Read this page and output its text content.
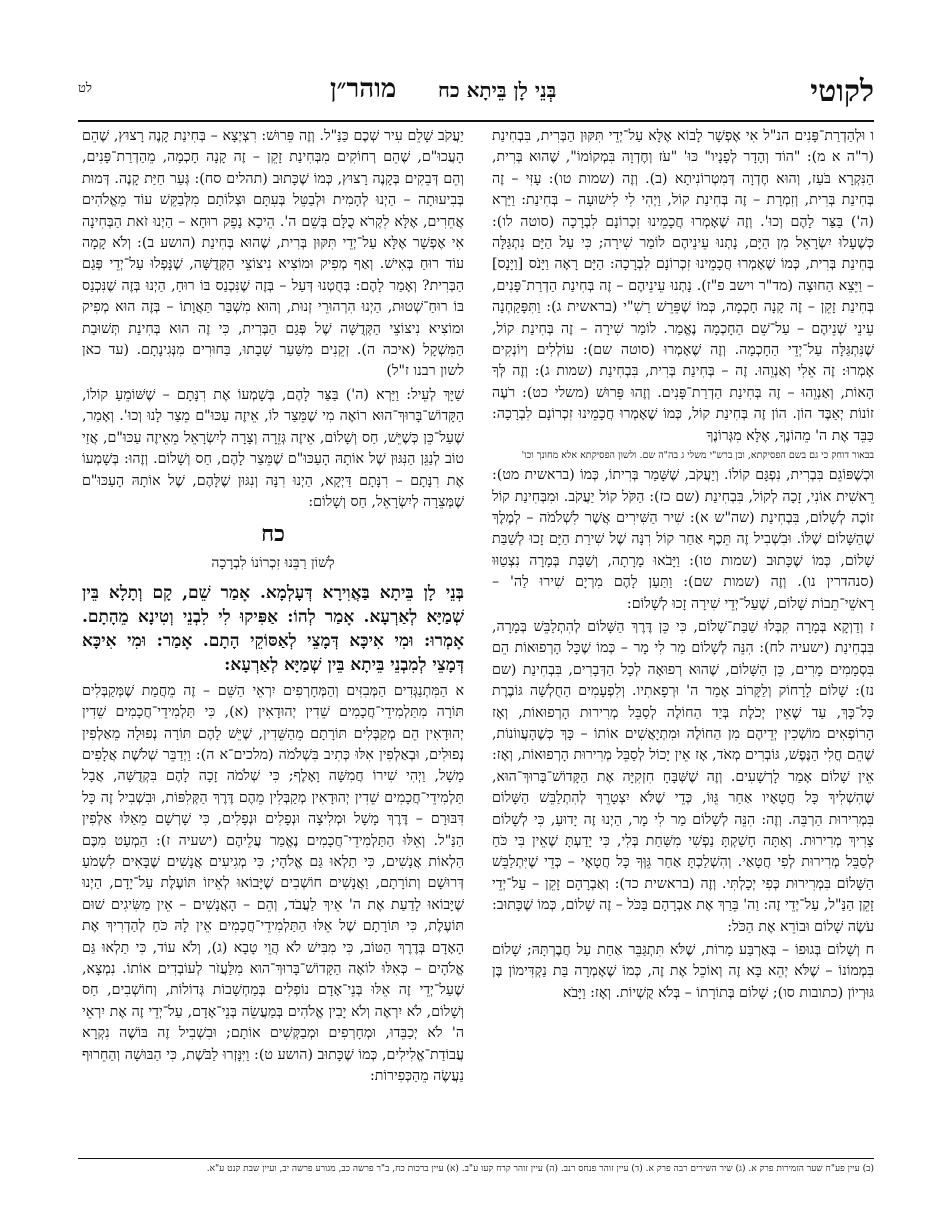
לקוטי
בְּנֵי לָן בֵּיתָא כח
מוהר״ן
לט

ו וּלְהַדְרַת־פָּנִים הנ"ל אִי אֶפְשָׁר לָבוֹא אֶלָּא עַל־יְדֵי תִּקּוּן הַבְּרִית, בִּבְחִינַת (ר"ה א מ): "הוֹד וְהָדָר לְפָנָיו" כּוּ' "עֹז וְחֶדְוָה בִּמְקוֹמוֹ", שֶׁהוּא בְּרִית, הַנִּקְרָא בֹּעַז, וְהוּא חֶדְוָה דְּמִטְרוֹנִיתָא (ב). וְזֶה (שמות טו): עָזִּי – זֶה בְּחִינַת בְּרִית, וְזִמְרָת – זֶה בְּחִינַת קוֹל, וַיְהִי לִי לִישׁוּעָה – בְּחִינַת: וַיַּרְא (ה') בַּצַּר לָהֶם וְכוּ'. וְזֶה שֶׁאָמְרוּ חֲכָמֵינוּ זִכְרוֹנָם לִבְרָכָה (סוטה לו): כְּשֶׁעָלוּ יִשְׂרָאֵל מִן הַיָּם, נָתְנוּ עֵינֵיהֶם לוֹמַר שִׁירָה; כִּי עַל הַיָּם נִתְגַּלָּה בְּחִינַת בְּרִית, כְּמוֹ שֶׁאָמְרוּ חֲכָמֵינוּ זִכְרוֹנָם לִבְרָכָה: הַיָּם רָאָה וַיָּנֹס [וַיָּנָס] – וַיֵּצֵא הַחוּצָה (מד"ר וישב פ"ז). נָתְנוּ עֵינֵיהֶם – זֶה בְּחִינַת הַדְרַת־פָּנִים, בְּחִינַת זָקֵן – זֶה קָנָה חָכְמָה, כְּמוֹ שֶׁפֵּרֵשׁ רַשִׁ"י (בראשית ג): וַתִּפָּקַחְנָה עֵינֵי שְׁנֵיהֶם – עַל־שֵׁם הַחָכְמָה נֶאֱמַר. לוֹמַר שִׁירָה – זֶה בְּחִינַת קוֹל, שֶׁנִּתְגַּלָּה עַל־יְדֵי הַחָכְמָה. וְזֶה שֶׁאָמְרוּ (סוטה שם): עוֹלְלִים וְיוֹנְקִים אָמְרוּ: זֶה אֵלִי וְאַנְוֵהוּ. זֶה – בְּחִינַת בְּרִית, בִּבְחִינַת (שמות ג): וְזֶה לְּךָ הָאוֹת, וְאַנְוֵהוּ – זֶה בְּחִינַת הַדְרַת־פָּנִים. וְזֶהוּ פֵּרוּשׁ (משלי כט): רֹעֶה זוֹנוֹת יְאַבֶּד הוֹן. הוֹן זֶה בְּחִינַת קוֹל, כְּמוֹ שֶׁאָמְרוּ חֲכָמֵינוּ זִכְרוֹנָם לִבְרָכָה: כַּבֵּד אֶת ה' מֵהוֹנֶךָ, אֶלָּא מִגְּרוֹנֶךָ

בבאור דוחק כי גם בשם הפסיקתא, ובן ברש"י משלי ג בה"ה שם. ולשון הפסיקתא אלא מחונך וכו'

וּכְשֶׁפּוֹגֵם בִּבְרִית, נִפְגָּם קוֹלוֹ. וְיַעֲקֹב, שֶׁשָּׁמַר בְּרִיתוֹ, כְּמוֹ (בראשית מט): רֵאשִׁית אוֹנִי, זָכָה לְקוֹל, בִּבְחִינַת (שם כז): הַקֹּל קוֹל יַעֲקֹב. וּמִבְּחִינַת קוֹל זוֹכֶה לְשָׁלוֹם, בִּבְחִינַת (שה"ש א): שִׁיר הַשִּׁירִים אֲשֶׁר לִשְׁלֹמֹה – לְמֶלֶךְ שֶׁהַשָּׁלוֹם שֶׁלּוֹ. וּבִשְׁבִיל זֶה תֵּכֶף אַחַר קוֹל רִנָּה שֶׁל שִׁירַת הַיָּם זָכוּ לְשַׁבַּת שָׁלוֹם, כְּמוֹ שֶׁכָּתוּב (שמות טו): וַיָּבֹאוּ מָרָתָה, וְשַׁבָּת בְּמָרָה נִצְטַוּוּ (סנהדרין נו). וְזֶה (שמות שם): וַתַּעַן לָהֶם מִרְיָם שִׁירוּ לַה' – רָאשֵׁי־תֵבוֹת שָׁלוֹם, שֶׁעַל־יְדֵי שִׁירָה זָכוּ לְשָׁלוֹם:

ז וְדַוְקָא בְּמָרָה קִבְּלוּ שַׁבַּת־שָׁלוֹם, כִּי כֵּן דֶּרֶךְ הַשָּׁלוֹם לְהִתְלַבֵּשׁ בְּמָרָה, בִּבְחִינַת (ישעיה לח): הִנֵּה לְשָׁלוֹם מַר לִי מָר – כְּמוֹ שֶׁכָּל הָרְפוּאוֹת הֵם בִּסְמָמִים מָרִים, כֵּן הַשָּׁלוֹם, שֶׁהוּא רְפוּאָה לְכָל הַדְּבָרִים, בִּבְחִינַת (שם נז): שָׁלוֹם לָרָחוֹק וְלַקָּרוֹב אָמַר ה' וּרְפָאתִיו. וְלִפְעָמִים הַחֻלְשָׁה גּוֹבֶרֶת כָּל־כָּךְ, עַד שֶׁאֵין יְכֹלֶת בְּיַד הַחוֹלֶה לְסַבֵּל מְרִירוּת הָרְפוּאוֹת, וְאָז הָרוֹפְאִים מוֹשְׁכִין יְדֵיהֶם מִן הַחוֹלֶה וּמִתְיָאֲשִׁים אוֹתוֹ – כָּךְ כְּשֶׁהָעֲווֹנוֹת, שֶׁהֵם חֳלִי הַנֶּפֶשׁ, גּוֹבְרִים מְאֹד, אָז אֵין יָכוֹל לְסַבֵּל מְרִירוּת הָרְפוּאוֹת, וְאָז: אֵין שָׁלוֹם אָמַר לָרְשָׁעִים. וְזֶה שֶׁשְּׁבָּחָ חִזְקִיָּה אֶת הַקָּדוֹשׁ־בָּרוּךְ־הוּא, שֶׁהִשְׁלִיךְ כָּל חֲטָאָיו אַחַר גֵּוּוֹ, כְּדֵי שֶׁלֹּא יִצְטָרֵךְ לְהִתְלַבֵּשׁ הַשָּׁלוֹם בִּמְרִירוּת הַרְבֵּה. וְזֶה: הִנֵּה לְשָׁלוֹם מַר לִי מָר, הַיְנוּ זֶה יָדוּעַ, כִּי לְשָׁלוֹם צָרִיךְ מְרִירוּת. וְאַתָּה חָשַׁקְתָּ נַפְשִׁי מִשַּׁחַת בְּלִי, כִּי יָדַעְתָּ שֶׁאֵין בִּי כֹּחַ לְסַבֵּל מְרִירוּת לְפִי חֲטָאַי. וְהִשְׁלַכְתָּ אַחַר גֵּוְּךָ כָּל חֲטָאָי – כְּדֵי שֶׁיִּתְלַבֵּשׁ הַשָּׁלוֹם בִּמְרִירוּת כְּפִי יְכָלְתִּי. וְזֶה (בראשית כד): וְאַבְרָהָם זָקֵן – עַל־יְדֵי זָקֵן הַנַּ"ל, עַל־יְדֵי זֶה: וַה' בֵּרַךְ אֶת אַבְרָהָם בַּכֹּל – זֶה שָׁלוֹם, כְּמוֹ שֶׁכָּתוּב: עֹשֶׂה שָׁלוֹם וּבוֹרֵא אֶת הַכֹּל:

ח וְשָׁלוֹם בְּגוּפוֹ – בְּאַרְבַּע מָרוֹת, שֶׁלֹּא תִּתְגַּבֵּר אַחַת עַל חֲבֶרְתָּהּ; שָׁלוֹם בִּמְמוֹנוֹ – שֶׁלֹּא יְהֵא בָּא זֶה וְאוֹכֵל אֶת זֶה, כְּמוֹ שֶׁאָמְרָה בַּת נַקְדִּימוֹן בֶּן גּוּרְיוֹן (כתובות סו); שָׁלוֹם בְּתוֹרָתוֹ – בְּלֹא קֻשְׁיוֹת. וְאָז: וַיָּבֹא

יַעֲקֹב שָׁלֵם עִיר שְׁכֶם כַּנַּ"ל. וְזֶה פֵּרוּשׁ: רִצְיְצָא – בְּחִינַת קָנֶה רָצוּץ, שֶׁהֵם הָעֲכוּ"ם, שֶׁהֵם רְחוֹקִים מִבְּחִינַת זָקֵן – זֶה קָנָה חָכְמָה, מֵהַדְרַת־פָּנִים, וְהֵם דְּבֵקִים בְּקָנֶה רָצוּץ, כְּמוֹ שֶׁכָּתוּב (תהלים סח): גְּעַר חַיַּת קָנֶה. דְּמוּת בְּבִיעוּתָה – הַיְנוּ לְהָמִית וּלְבַטֵּל בְּעִתָּם וּצְלוֹתָם מִלְּבַקֵּשׁ עוֹד מֵאֱלֹהִים אֲחֵרִים, אֶלָּא לִקְרֹא כֻלָּם בְּשֵׁם ה'. הֵיכָא נָפֵק רוּחָא – הַיְנוּ זֹאת הַבְּחִינָה אִי אֶפְשָׁר אֶלָּא עַל־יְדֵי תִּקּוּן בְּרִית, שֶׁהוּא בְּחִינַת (הושע ב): וְלֹא קָמָה עוֹד רוּחַ בְּאִישׁ. וְאַף מְפִיק וּמוֹצִיא נִיצוֹצֵי הַקְּדֻשָּׁה, שֶׁנָּפְלוּ עַל־יְדֵי פְּגַם הַבְּרִית? וְאָמַר לָהֶם: בְּחֻטְנוּ דְּעַל – בְּזֶה שֶׁנִּכְנַס בּוֹ רוּחַ, הַיְנוּ בְּזֶה שֶׁנִּכְנַס בּוֹ רוּחַ־שְׁטוּת, הַיְנוּ הִרְהוּרֵי זְנוּת, וְהוּא מִשְׁבַּר תַּאֲוָתוֹ – בְּזֶה הוּא מְפִיק וּמוֹצִיא נִיצוֹצֵי הַקְּדֻשָּׁה שֶׁל פְּגַם הַבְּרִית, כִּי זֶה הוּא בְּחִינַת תְּשׁוּבַת הַמִּשְׁקָל (איכה ה). זְקֵנִים מִשַּׁעַר שָׁבָתוּ, בַּחוּרִים מִנְּגִינָתָם. (עד כאן לשון רבנו ז"ל)

שַׁיָּךְ לְעֵיל: וַיַּרְא (ה') בַּצַּר לָהֶם, בְּשָׁמְעוֹ אֶת רִנָּתָם – שֶׁשּׁוֹמֵעַ קוֹלוֹ, הַקָּדוֹשׁ־בָּרוּךְ־הוּא רוֹאֶה מִי שֶׁמֵּצַר לוֹ, אֵיזֶה עַכּוּ"ם מֵצַר לָנוּ וְכוּ'. וְאָמַר, שֶׁעַל־כֵּן כְּשֶׁיֵּשׁ, חַס וְשָׁלוֹם, אֵיזֶה גְּזֵרָה וְצָרָה לְיִשְׂרָאֵל מֵאֵיזֶה עַכּוּ"ם, אֲזַי טוֹב לְנַגֵּן הַנִּגּוּן שֶׁל אוֹתָהּ הָעַכּוּ"ם שֶׁמֵּצַר לָהֶם, חַס וְשָׁלוֹם. וְזֶהוּ: בְּשָׁמְעוֹ אֶת רִנָּתָם – רִנָּתָם דַּיְקָא, הַיְנוּ רִנָּה וְנִגּוּן שֶׁלָּהֶם, שֶׁל אוֹתָהּ הָעַכּוּ"ם שֶׁמְּצֵרָה לְיִשְׂרָאֵל, חַס וְשָׁלוֹם:

כח
לְשׁוֹן רַבֵּנוּ זִכְרוֹנוֹ לִבְרָכָה
בְּנֵי לָן בֵּיתָא בַּאֲוִירָא דְּעָלְמָא. אָמַר שֵׁם, קָם וְתָלָא בֵּין שְׁמַיָּא לְאַרְעָא. אָמַר לְהוֹ: אַפִּיקוּ לִי לִבְנֵי וְטִינָא מֵהָתָם. אָמְרוּ: וּמִי אִיכָּא דְּמָצֵי לְאַסּוֹקֵי הָתָם. אָמַר: וּמִי אִיכָּא דְּמָצֵי לְמִבְנֵי בֵּיתָא בֵּין שְׁמַיָּא לְאַרְעָא:

א הַמִּתְנַגְּדִים הַמְּבִזִּים וְהַמְּחָרְפִים יִרְאֵי הַשֵּׁם – זֶה מֵחֲמַת שֶׁמְּקַבְּלִים תּוֹרָה מִתַּלְמִידֵי־חֲכָמִים שֵׁדִין יְהוּדָאִין (א), כִּי תַּלְמִידֵי־חֲכָמִים שֵׁדִין יְהוּדָאִין הֵם מְקַבְּלִים תּוֹרָתָם מֵהַשֵּׁדִין, שֶׁיֵּשׁ לָהֶם תּוֹרָה נְפוּלָה מֵאַלְפִין נְפוּלִים, וּבְאַלְפִין אִלּוּ כְּתִיב בִּשְׁלֹמֹה (מלכים־א ה): וַיְדַבֵּר שְׁלֹשֶׁת אֲלָפִים מָשָׁל, וַיְהִי שִׁירוֹ חֲמִשָּׁה וָאָלֶף; כִּי שְׁלֹמֹה זָכָה לָהֶם בִּקְדֻשָּׁה, אֲבָל תַּלְמִידֵי־חֲכָמִים שֵׁדִין יְהוּדָאִין מְקַבְּלִין מֵהֶם דֶּרֶךְ הַקְּלִפּוֹת, וּבִשְׁבִיל זֶה כָּל דִּבּוּרָם – דֶּרֶךְ מָשָׁל וּמְלִיצָה וּנְפָלִים וּנְפָלִים, כִּי שָׁרְשָׁם מֵאַלּוּ אַלְפִין הַנַּ"ל. וְאֵלּוּ הַתַּלְמִידֵי־חֲכָמִים נֶאֱמַר עֲלֵיהֶם (ישעיה ז): הַמְעַט מִכֶּם הַלְאוֹת אֲנָשִׁים, כִּי תַלְאוּ גַּם אֱלֹהָי; כִּי מְגִיעִים אֲנָשִׁים שֶׁבָּאִים לִשְׁמֹעַ דְּרוּשָׁם וְתוֹרָתָם, וַאֲנָשִׁים חוֹשְׁבִים שֶׁיָּבוֹאוּ לְאֵיזוֹ תּוֹעֶלֶת עַל־יָדָם, הַיְנוּ שֶׁיָּבוֹאוּ לָדַעַת אֶת ה' אֵיךְ לַעֲבֹד, וְהֵם – הָאֲנָשִׁים – אֵין מַשִּׂיגִים שׁוּם תּוֹעֶלֶת, כִּי תּוֹרָתָם שֶׁל אֵלּוּ הַתַּלְמִידֵי־חֲכָמִים אֵין לָהּ כֹּחַ לְהַדְרִיךְ אֶת הָאָדָם בְּדֶרֶךְ הַטּוֹב, כִּי מִבִּישׁ לֹא הֲוֵי טָבָא (ג), וְלֹא עוֹד, כִּי תַלְאוּ גַּם אֱלֹהָים – כְּאִלּוּ לוֹאֶה הַקָּדוֹשׁ־בָּרוּךְ־הוּא מִלַּעֲזֹר לְעוֹבְדִים אוֹתוֹ. נִמְצָא, שֶׁעַל־יְדֵי זֶה אֵלּוּ בְּנֵי־אָדָם נוֹפְלִים בְּמַחְשָׁבוֹת גְּדוֹלוֹת, וְחוֹשְׁבִים, חַס וְשָׁלוֹם, לֹא יִרְאֶה וְלֹא יָבִין אֱלֹהִים בְּמַעֲשֵׂה בְּנֵי־אָדָם, עַל־יְדֵי זֶה אֶת יִרְאֵי ה' לֹא יְכַבֵּדוּ, וּמְחָרְפִים וּמְבַקְּשִׁים אוֹתָם; וּבִשְׁבִיל זֶה בּוֹשֶׁה נִקְרָא עֲבוֹדַת־אֱלִילִים, כְּמוֹ שֶׁכָּתוּב (הושע ט): וַיִּנָּזְרוּ לַבֹּשֶׁת, כִּי הַבּוּשָׁה וְהַחֵרוּף נַעֲשֶׂה מֵהַכְּפִירוֹת:

(ב) עיין פע"ח שער הזמירות פרק א. (ג) שיר השירים רבה פרק א. (ד) עיין זוהר פנחס רנב. (ה) עיין זוהר קרח קעו ע"ב. (א) עיין ברכות כח, ב"ר פרשה כב, מגורע פרשה יב, ועיין שבת קנט ע"א.
